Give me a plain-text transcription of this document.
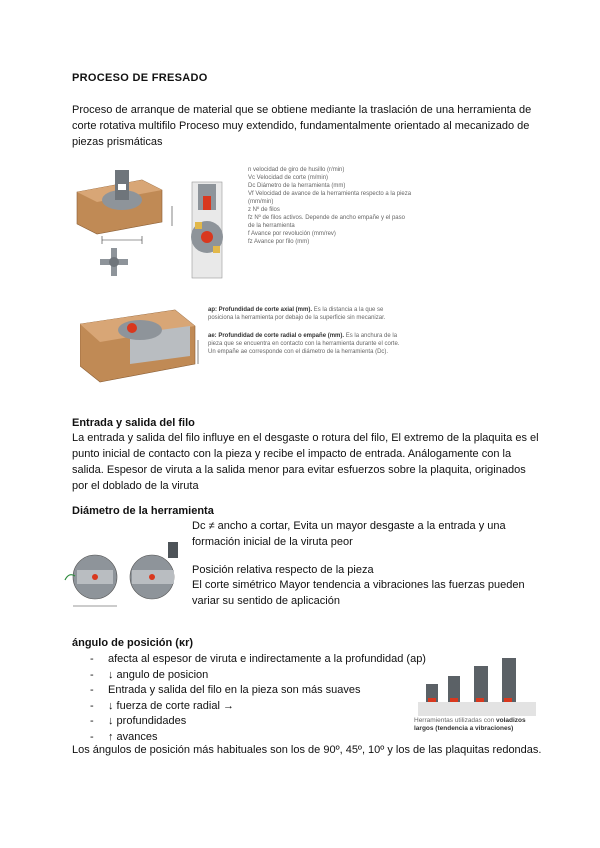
PROCESO DE FRESADO
Proceso de arranque de material que se obtiene mediante la traslación de una herramienta de corte rotativa multifilo Proceso muy extendido, fundamentalmente orientado al mecanizado de piezas prismáticas
n velocidad de giro de husillo (r/min)
Vc Velocidad de corte (m/min)
Dc Diámetro de la herramienta (mm)
Vf Velocidad de avance de la herramienta respecto a la pieza (mm/min)
z Nº de filos
fz Nº de filos activos. Depende de ancho empañe y el paso de la herramienta
f Avance por revolución (mm/rev)
fz Avance por filo (mm)
ap: Profundidad de corte axial (mm). Es la distancia a la que se posiciona la herramienta por debajo de la superficie sin mecanizar.
ae: Profundidad de corte radial o empañe (mm). Es la anchura de la pieza que se encuentra en contacto con la herramienta durante el corte. Un empañe ae corresponde con el diámetro de la herramienta (Dc).
Entrada y salida del filo
La entrada y salida del filo influye en el desgaste o rotura del filo, El extremo de la plaquita es el punto inicial de contacto con la pieza y recibe el impacto de entrada. Análogamente con la salida. Espesor de viruta a la salida menor para evitar esfuerzos sobre la plaquita, originados por el doblado de la viruta
Diámetro de la herramienta
Dc ≠ ancho a cortar, Evita un mayor desgaste a la entrada y una formación inicial de la viruta peor
Posición relativa respecto de la pieza
El corte simétrico Mayor tendencia a vibraciones las fuerzas pueden variar su sentido de aplicación
ángulo de posición (κr)
- afecta al espesor de viruta e indirectamente a la profundidad (ap)
- ↓ angulo de posicion
- Entrada y salida del filo en la pieza son más suaves
- ↓ fuerza de corte radial →
- ↓ profundidades
- ↑ avances
Herramientas utilizadas con voladizos largos (tendencia a vibraciones)
Los ángulos de posición más habituales son los de 90º, 45º, 10º y los de las plaquitas redondas.
